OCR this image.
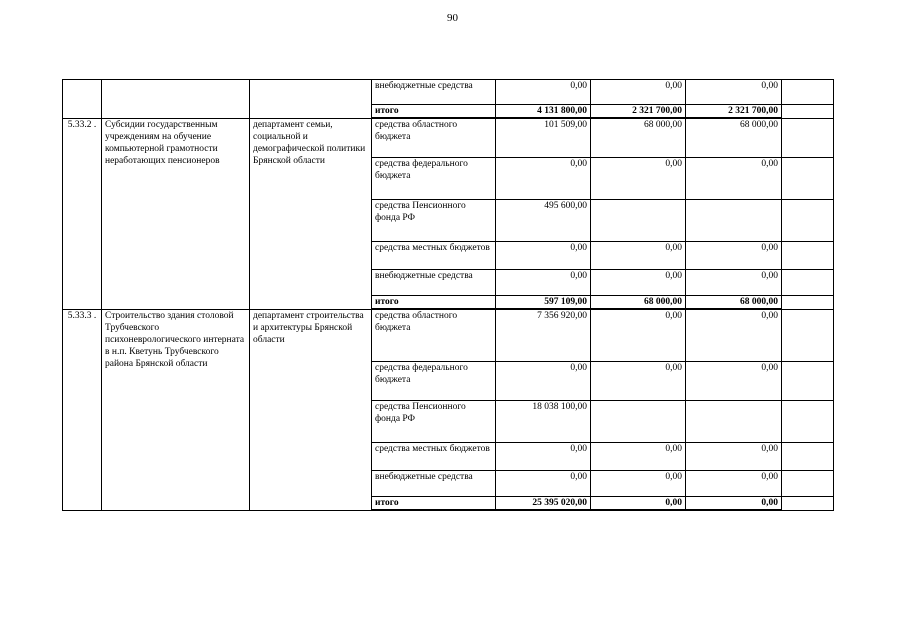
90
			внебюджетные средства	0,00	0,00	0,00	
			итого	4 131 800,00	2 321 700,00	2 321 700,00	
5.33.2 .	Субсидии государственным учреждениям на обучение компьютерной грамотности неработающих пенсионеров	департамент семьи, социальной и демографической политики Брянской области	средства областного бюджета	101 509,00	68 000,00	68 000,00	
			средства федерального бюджета	0,00	0,00	0,00	
			средства Пенсионного фонда РФ	495 600,00			
			средства местных бюджетов	0,00	0,00	0,00	
			внебюджетные средства	0,00	0,00	0,00	
			итого	597 109,00	68 000,00	68 000,00	
5.33.3 .	Строительство здания столовой Трубчевского психоневрологического интерната в н.п. Кветунь Трубчевского района Брянской области	департамент строительства и архитектуры Брянской области	средства областного бюджета	7 356 920,00	0,00	0,00	
			средства федерального бюджета	0,00	0,00	0,00	
			средства Пенсионного фонда РФ	18 038 100,00			
			средства местных бюджетов	0,00	0,00	0,00	
			внебюджетные средства	0,00	0,00	0,00	
			итого	25 395 020,00	0,00	0,00	
